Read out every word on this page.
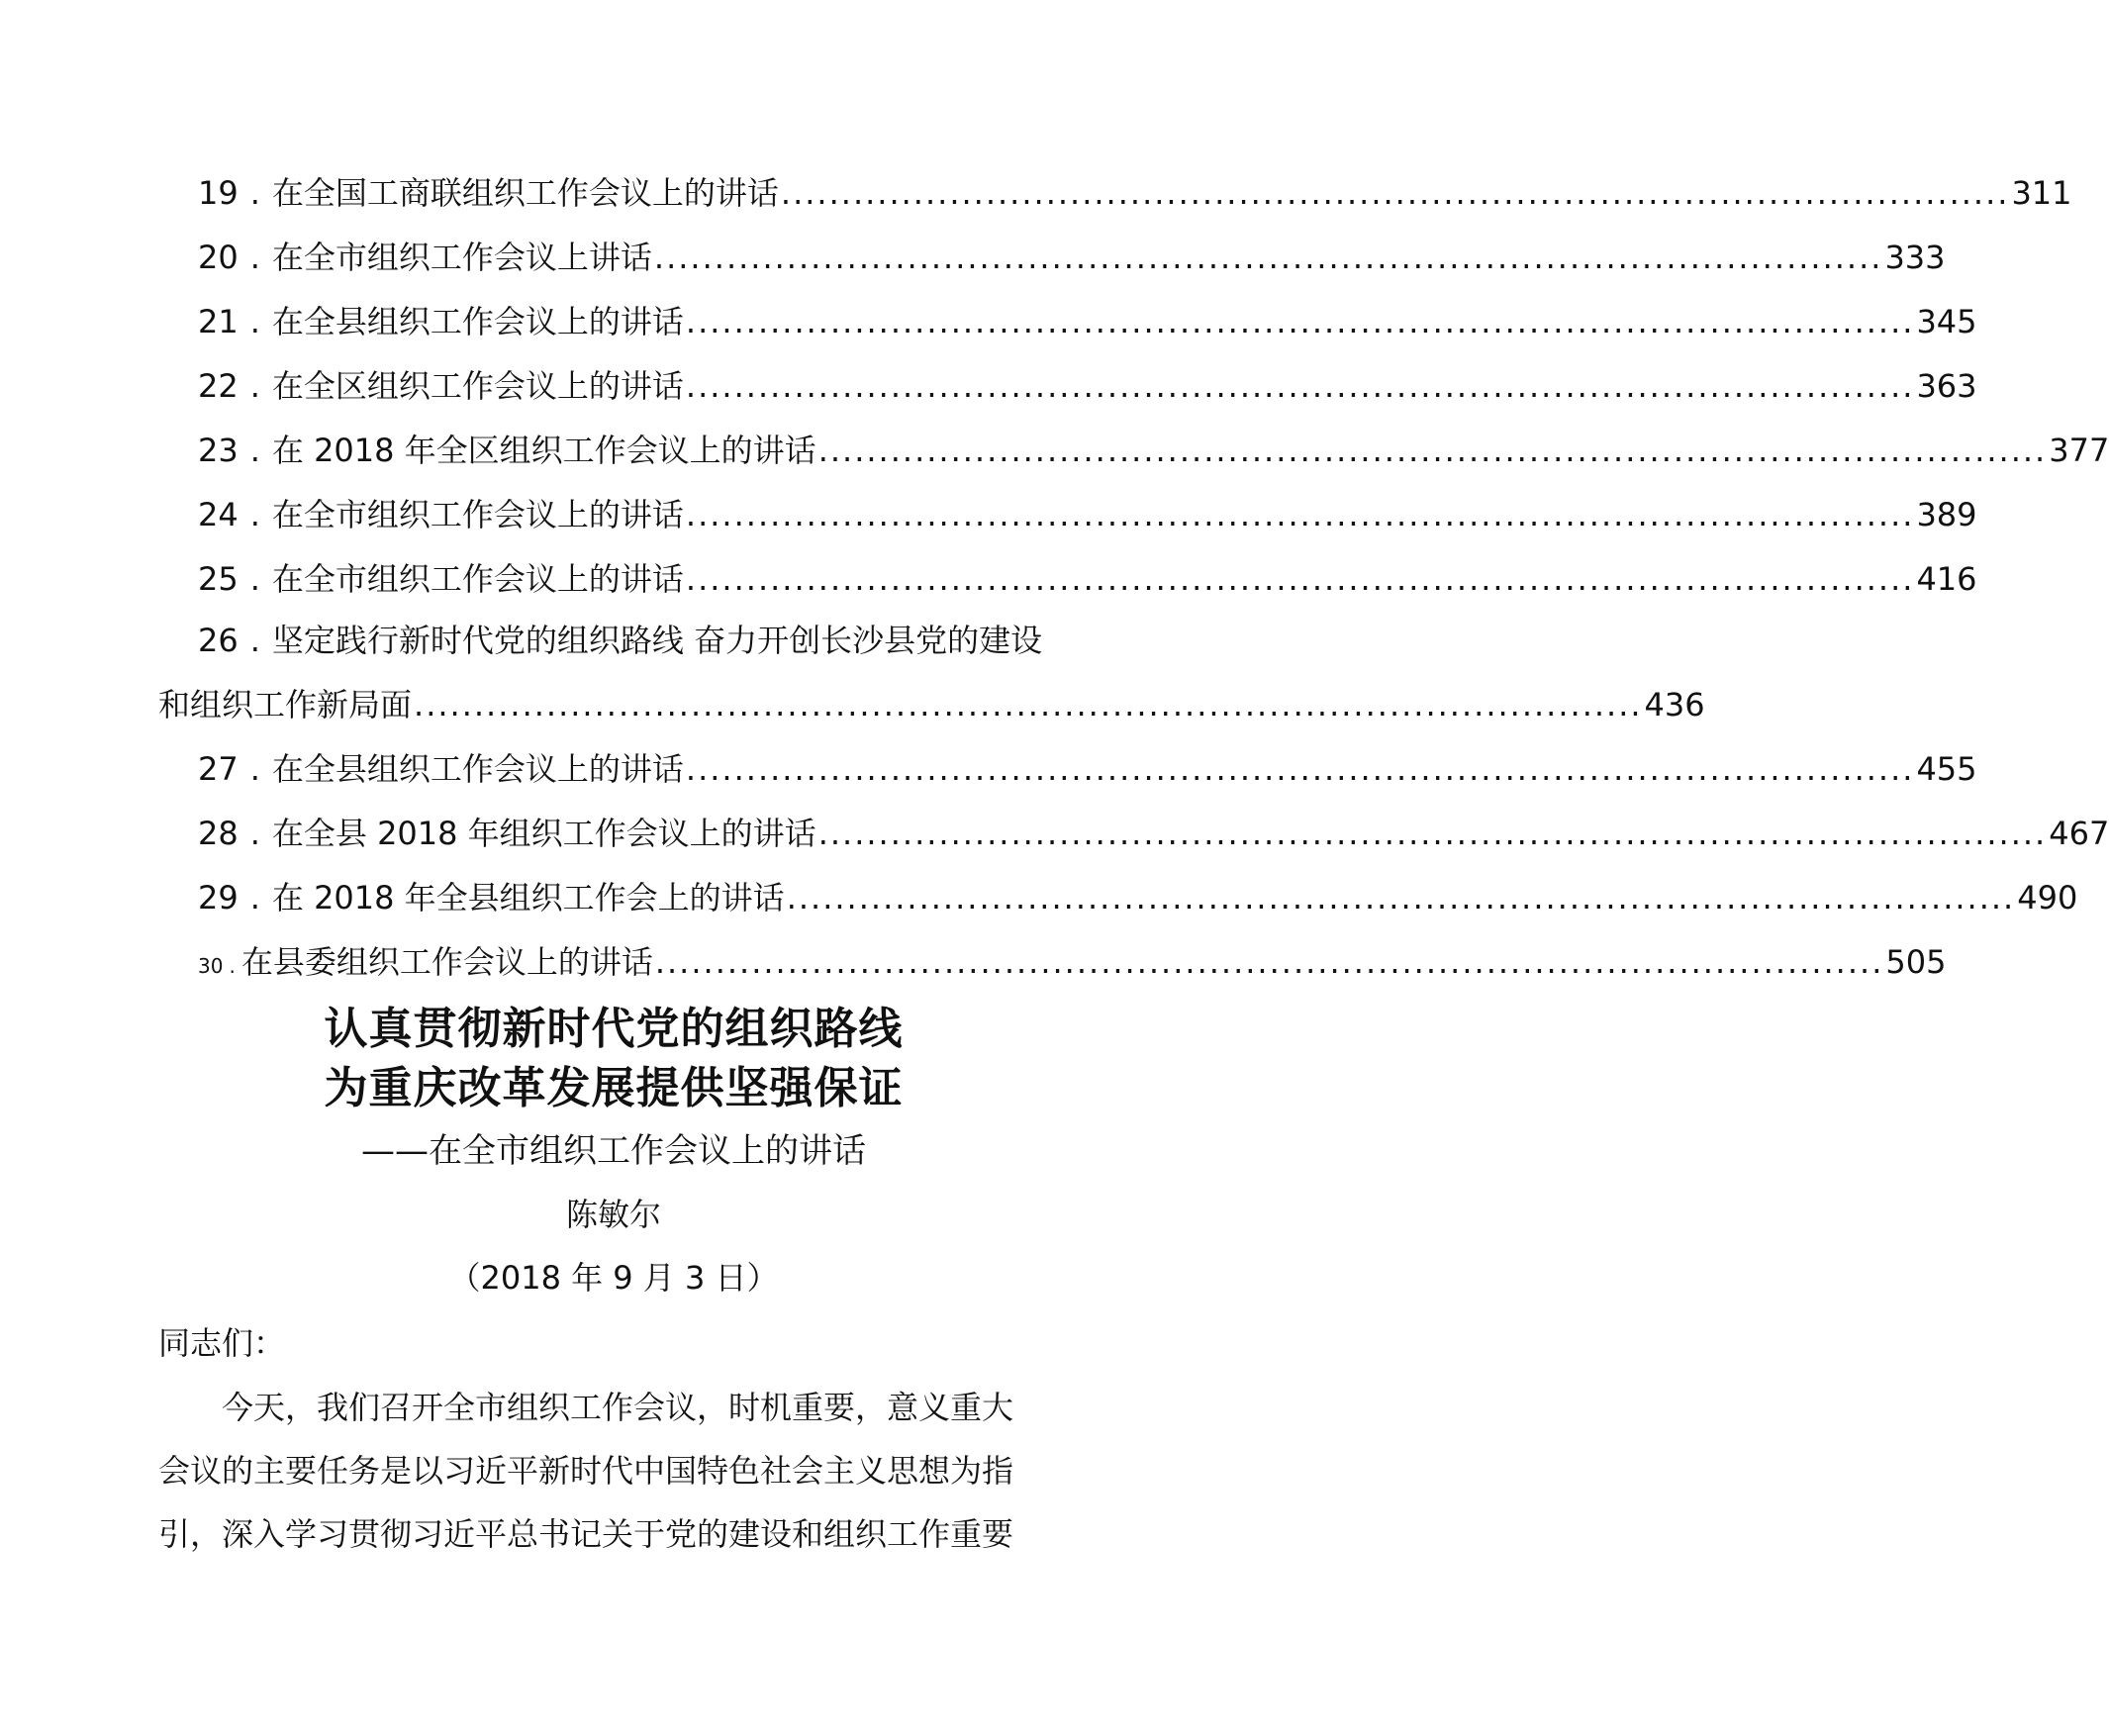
19 . 在全国工商联组织工作会议上的讲话 ...................................................................................................... 311
20 . 在全市组织工作会议上讲话 ...................................................................................................... 333
21 . 在全县组织工作会议上的讲话 ...................................................................................................... 345
22 . 在全区组织工作会议上的讲话 ...................................................................................................... 363
23 . 在 2018 年全区组织工作会议上的讲话 ...................................................................................................... 377
24 . 在全市组织工作会议上的讲话 ...................................................................................................... 389
25 . 在全市组织工作会议上的讲话 ...................................................................................................... 416
26 . 坚定践行新时代党的组织路线 奋力开创长沙县党的建设
和组织工作新局面 ...................................................................................................... 436
27 . 在全县组织工作会议上的讲话 ...................................................................................................... 455
28 . 在全县 2018 年组织工作会议上的讲话 ...................................................................................................... 467
29 . 在 2018 年全县组织工作会上的讲话 ...................................................................................................... 490
30 . 在县委组织工作会议上的讲话 ...................................................................................................... 505
认真贯彻新时代党的组织路线
为重庆改革发展提供坚强保证
——在全市组织工作会议上的讲话
陈敏尔
（2018 年 9 月 3 日）
同志们：
今天，我们召开全市组织工作会议，时机重要，意义重大
会议的主要任务是以习近平新时代中国特色社会主义思想为指
引，深入学习贯彻习近平总书记关于党的建设和组织工作重要
